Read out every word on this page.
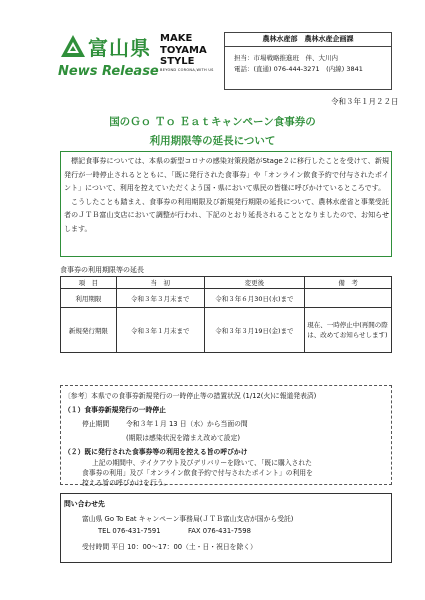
富山県
News Release
MAKE
TOYAMA
STYLE
BEYOND CORONA,WITH US
農林水産部　農林水産企画課
担当：市場戦略推進班　伴、大川内
電話：(直通) 076-444-3271　(内線) 3841
令和３年１月２２日
国のＧｏ Ｔｏ Ｅａｔキャンペーン食事券の
利用期限等の延長について

標記食事券については、本県の新型コロナの感染対策段階がStage２に移行したことを受けて、新規発行が一時停止されるとともに、「既に発行された食事券」や「オンライン飲食予約で付与されたポイント」について、利用を控えていただくよう国・県において県民の皆様に呼びかけているところです。

こうしたことも踏まえ、食事券の利用期限及び新規発行期限の延長について、農林水産省と事業受託者のＪＴＢ富山支店において調整が行われ、下記のとおり延長されることとなりましたので、お知らせします。

食事券の利用期限等の延長
項　目	当　初	変更後	備　考
利用期限	令和３年３月末まで	令和３年６月30日(水)まで	
新規発行期限	令和３年１月末まで	令和３年３月19日(金)まで	現在、一時停止中(再開の際は、改めてお知らせします)
〔参考〕本県での食事券新規発行の一時停止等の措置状況 (1/12(火)に報道発表済)
（１）食事券新規発行の一時停止
停止期間 令和３年１月 13 日（水）から当面の間
(期限は感染状況を踏まえ改めて設定)
（２）既に発行された食事券等の利用を控える旨の呼びかけ
上記の期間中、テイクアウト及びデリバリーを除いて、「既に購入された
食事券の利用」及び「オンライン飲食予約で付与されたポイント」の利用を
問い合わせ先
富山県 Go To Eat キャンペーン事務局(ＪＴＢ富山支店が国から受託)
TEL 076-431-7591	FAX 076-431-7598
受付時間 平日 10：00〜17：00（土・日・祝日を除く）
控える旨の呼びかけを行う。
